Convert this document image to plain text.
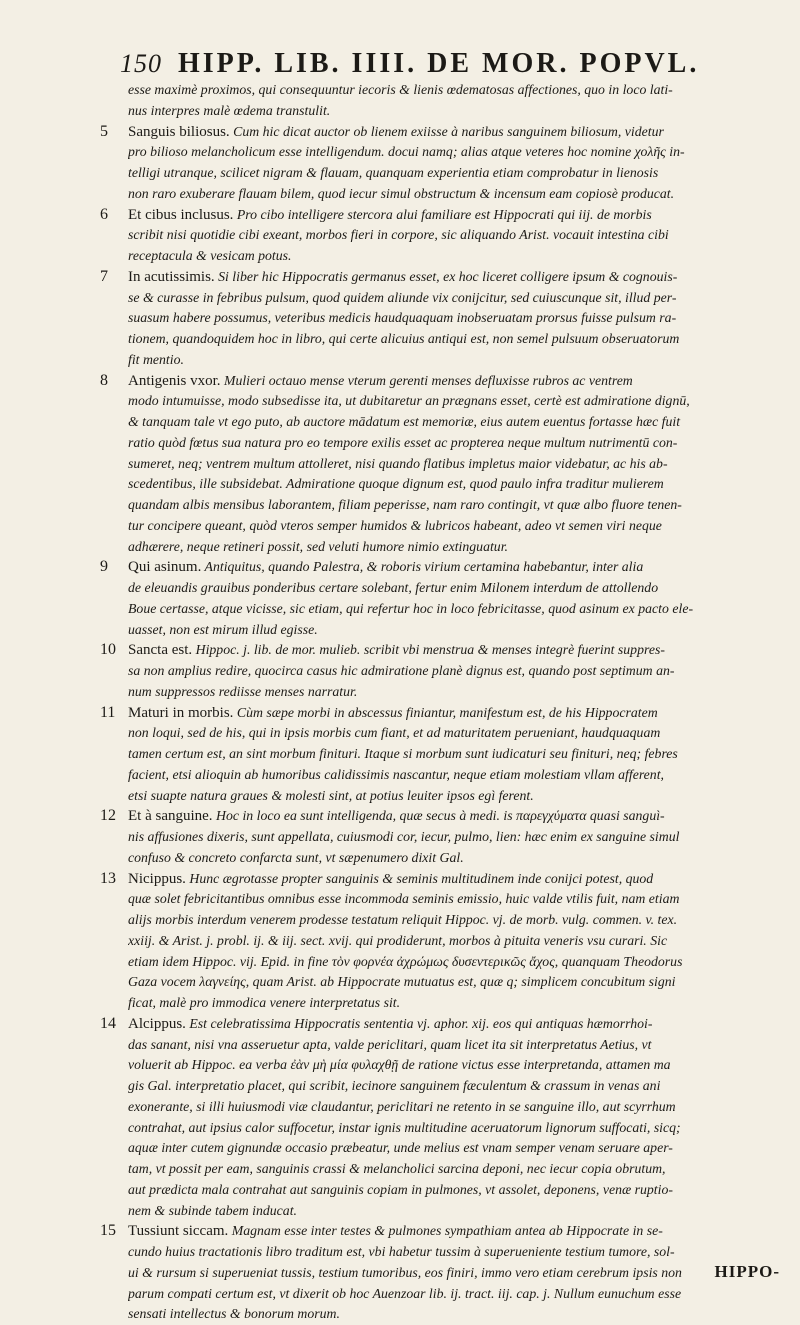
150 HIPP. LIB. IIII. DE MOR. POPVL.
esse maximè proximos, qui consequuntur iecoris & lienis œdematosas affectiones, quo in loco lati-
nus interpres malè œdema transtulit.
5	Sanguis biliosus. Cum hic dicat auctor ob lienem exiisse à naribus sanguinem biliosum, videtur
pro bilioso melancholicum esse intelligendum. docui namq; alias atque veteres hoc nomine χολῆς in-
telligi utranque, scilicet nigram & flauam, quanquam experientia etiam comprobatur in lienosis
non raro exuberare flauam bilem, quod iecur simul obstructum & incensum eam copiosè producat.
6	Et cibus inclusus. Pro cibo intelligere stercora alui familiare est Hippocrati qui iij. de morbis
scribit nisi quotidie cibi exeant, morbos fieri in corpore, sic aliquando Arist. vocauit intestina cibi
receptacula & vesicam potus.
7	In acutissimis. Si liber hic Hippocratis germanus esset, ex hoc liceret colligere ipsum & cognouis-
se & curasse in febribus pulsum, quod quidem aliunde vix conijcitur, sed cuiuscunque sit, illud per-
suasum habere possumus, veteribus medicis haudquaquam inobseruatam prorsus fuisse pulsum ra-
tionem, quandoquidem hoc in libro, qui certe alicuius antiqui est, non semel pulsuum obseruatorum
fit mentio.
8	Antigenis vxor. Mulieri octauo mense vterum gerenti menses defluxisse rubros ac ventrem
modo intumuisse, modo subsedisse ita, ut dubitaretur an prægnans esset, certè est admiratione dignū,
& tanquam tale vt ego puto, ab auctore mādatum est memoriæ, eius autem euentus fortasse hæc fuit
ratio quòd fœtus sua natura pro eo tempore exilis esset ac propterea neque multum nutrimentū con-
sumeret, neq; ventrem multum attolleret, nisi quando flatibus impletus maior videbatur, ac his ab-
scedentibus, ille subsidebat. Admiratione quoque dignum est, quod paulo infra traditur mulierem
quandam albis mensibus laborantem, filiam peperisse, nam raro contingit, vt quæ albo fluore tenen-
tur concipere queant, quòd vteros semper humidos & lubricos habeant, adeo vt semen viri neque
adhærere, neque retineri possit, sed veluti humore nimio extinguatur.
9	Qui asinum. Antiquitus, quando Palestra, & roboris virium certamina habebantur, inter alia
de eleuandis grauibus ponderibus certare solebant, fertur enim Milonem interdum de attollendo
Boue certasse, atque vicisse, sic etiam, qui refertur hoc in loco febricitasse, quod asinum ex pacto ele-
uasset, non est mirum illud egisse.
10 Sancta est. Hippoc. j. lib. de mor. mulieb. scribit vbi menstrua & menses integrè fuerint suppres-
sa non amplius redire, quocirca casus hic admiratione planè dignus est, quando post septimum an-
num suppressos rediisse menses narratur.
11 Maturi in morbis. Cùm sæpe morbi in abscessus finiantur, manifestum est, de his Hippocratem
non loqui, sed de his, qui in ipsis morbis cum fiant, et ad maturitatem perueniant, haudquaquam
tamen certum est, an sint morbum finituri. Itaque si morbum sunt iudicaturi seu finituri, neq; febres
facient, etsi alioquin ab humoribus calidissimis nascantur, neque etiam molestiam vllam afferent,
etsi suapte natura graues & molesti sint, at potius leuiter ipsos egì ferent.
12 Et à sanguine. Hoc in loco ea sunt intelligenda, quæ secus à medi. is παρεγχύματα quasi sanguì-
nis affusiones dixeris, sunt appellata, cuiusmodi cor, iecur, pulmo, lien: hæc enim ex sanguine simul
confuso & concreto confarcta sunt, vt sæpenumero dixit Gal.
13 Nicippus. Hunc ægrotasse propter sanguinis & seminis multitudinem inde conijci potest, quod
quæ solet febricitantibus omnibus esse incommoda seminis emissio, huic valde vtilis fuit, nam etiam
alijs morbis interdum venerem prodesse testatum reliquit Hippoc. vj. de morb. vulg. commen. v. tex.
xxiij. & Arist. j. probl. ij. & iij. sect. xvij. qui prodiderunt, morbos à pituita veneris vsu curari. Sic
etiam idem Hippoc. vij. Epid. in fine τὸν φορνέα ἀχρώμως δυσεντερικῶς ἄχος, quanquam Theodorus
Gaza vocem λαγνείης, quam Arist. ab Hippocrate mutuatus est, quæ q; simplicem concubitum signi
ficat, malè pro immodica venere interpretatus sit.
14 Alcippus. Est celebratissima Hippocratis sententia vj. aphor. xij. eos qui antiquas hæmorrhoi-
das sanant, nisi vna asseruetur apta, valde periclitari, quam licet ita sit interpretatus Aetius, vt
voluerit ab Hippoc. ea verba ἐὰν μὴ μία φυλαχθῇ de ratione victus esse interpretanda, attamen ma
gis Gal. interpretatio placet, qui scribit, iecinore sanguinem fæculentum & crassum in venas ani
exonerante, si illi huiusmodi viæ claudantur, periclitari ne retento in se sanguine illo, aut scyrrhum
contrahat, aut ipsius calor suffocetur, instar ignis multitudine aceruatorum lignorum suffocati, sicq;
aquæ inter cutem gignundæ occasio præbeatur, unde melius est vnam semper venam seruare aper-
tam, vt possit per eam, sanguinis crassi & melancholici sarcina deponi, nec iecur copia obrutum,
aut prædicta mala contrahat aut sanguinis copiam in pulmones, vt assolet, deponens, venæ ruptio-
nem & subinde tabem inducat.
15 Tussiunt siccam. Magnam esse inter testes & pulmones sympathiam antea ab Hippocrate in se-
cundo huius tractationis libro traditum est, vbi habetur tussim à superueniente testium tumore, sol-
ui & rursum si superueniat tussis, testium tumoribus, eos finiri, immo vero etiam cerebrum ipsis non
parum compati certum est, vt dixerit ob hoc Auenzoar lib. ij. tract. iij. cap. j. Nullum eunuchum esse
sensati intellectus & bonorum morum.
HIPPO-
